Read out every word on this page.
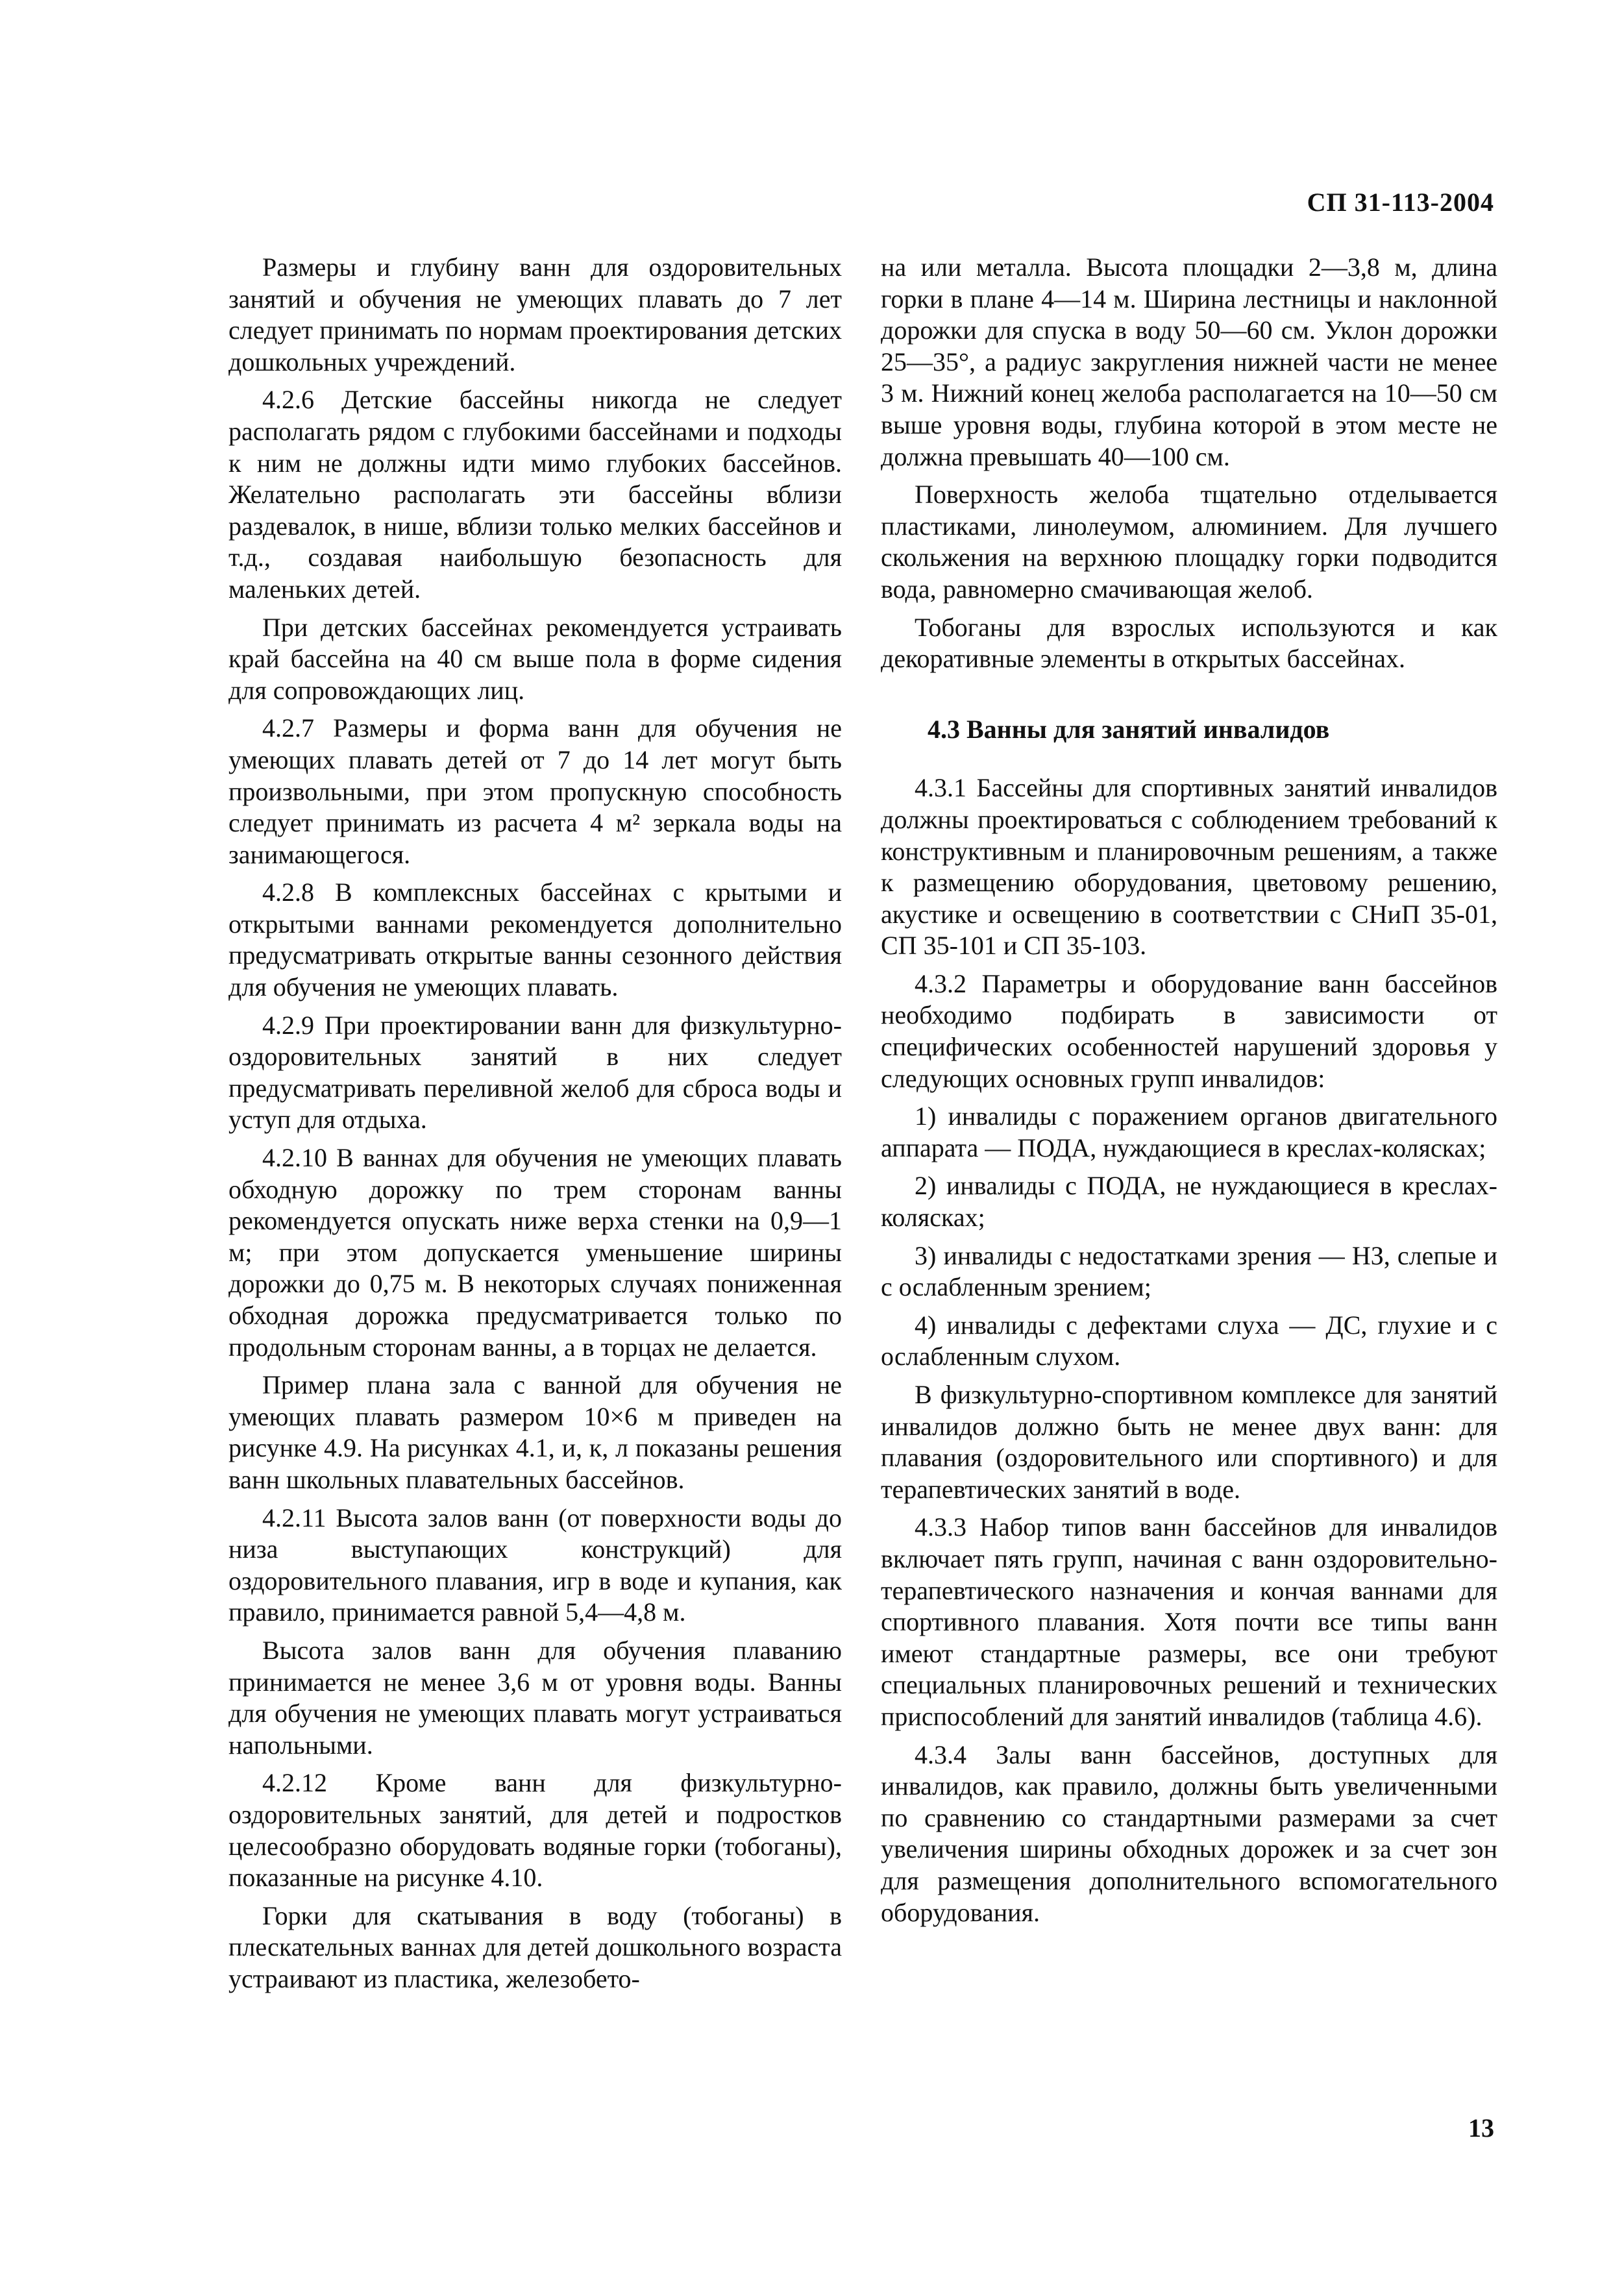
СП 31-113-2004

Размеры и глубину ванн для оздоровительных занятий и обучения не умеющих плавать до 7 лет следует принимать по нормам проектирования детских дошкольных учреждений.

4.2.6 Детские бассейны никогда не следует располагать рядом с глубокими бассейнами и подходы к ним не должны идти мимо глубоких бассейнов. Желательно располагать эти бассейны вблизи раздевалок, в нише, вблизи только мелких бассейнов и т.д., создавая наибольшую безопасность для маленьких детей.

При детских бассейнах рекомендуется устраивать край бассейна на 40 см выше пола в форме сидения для сопровождающих лиц.

4.2.7 Размеры и форма ванн для обучения не умеющих плавать детей от 7 до 14 лет могут быть произвольными, при этом пропускную способность следует принимать из расчета 4 м² зеркала воды на занимающегося.

4.2.8 В комплексных бассейнах с крытыми и открытыми ваннами рекомендуется дополнительно предусматривать открытые ванны сезонного действия для обучения не умеющих плавать.

4.2.9 При проектировании ванн для физкультурно-оздоровительных занятий в них следует предусматривать переливной желоб для сброса воды и уступ для отдыха.

4.2.10 В ваннах для обучения не умеющих плавать обходную дорожку по трем сторонам ванны рекомендуется опускать ниже верха стенки на 0,9—1 м; при этом допускается уменьшение ширины дорожки до 0,75 м. В некоторых случаях пониженная обходная дорожка предусматривается только по продольным сторонам ванны, а в торцах не делается.

Пример плана зала с ванной для обучения не умеющих плавать размером 10×6 м приведен на рисунке 4.9. На рисунках 4.1, и, к, л показаны решения ванн школьных плавательных бассейнов.

4.2.11 Высота залов ванн (от поверхности воды до низа выступающих конструкций) для оздоровительного плавания, игр в воде и купания, как правило, принимается равной 5,4—4,8 м.

Высота залов ванн для обучения плаванию принимается не менее 3,6 м от уровня воды. Ванны для обучения не умеющих плавать могут устраиваться напольными.

4.2.12 Кроме ванн для физкультурно-оздоровительных занятий, для детей и подростков целесообразно оборудовать водяные горки (тобоганы), показанные на рисунке 4.10.

Горки для скатывания в воду (тобоганы) в плескательных ваннах для детей дошкольного возраста устраивают из пластика, железобето-

на или металла. Высота площадки 2—3,8 м, длина горки в плане 4—14 м. Ширина лестницы и наклонной дорожки для спуска в воду 50—60 см. Уклон дорожки 25—35°, а радиус закругления нижней части не менее 3 м. Нижний конец желоба располагается на 10—50 см выше уровня воды, глубина которой в этом месте не должна превышать 40—100 см.

Поверхность желоба тщательно отделывается пластиками, линолеумом, алюминием. Для лучшего скольжения на верхнюю площадку горки подводится вода, равномерно смачивающая желоб.

Тобоганы для взрослых используются и как декоративные элементы в открытых бассейнах.

4.3 Ванны для занятий инвалидов

4.3.1 Бассейны для спортивных занятий инвалидов должны проектироваться с соблюдением требований к конструктивным и планировочным решениям, а также к размещению оборудования, цветовому решению, акустике и освещению в соответствии с СНиП 35-01, СП 35-101 и СП 35-103.

4.3.2 Параметры и оборудование ванн бассейнов необходимо подбирать в зависимости от специфических особенностей нарушений здоровья у следующих основных групп инвалидов:

1) инвалиды с поражением органов двигательного аппарата — ПОДА, нуждающиеся в креслах-колясках;

2) инвалиды с ПОДА, не нуждающиеся в креслах-колясках;

3) инвалиды с недостатками зрения — НЗ, слепые и с ослабленным зрением;

4) инвалиды с дефектами слуха — ДС, глухие и с ослабленным слухом.

В физкультурно-спортивном комплексе для занятий инвалидов должно быть не менее двух ванн: для плавания (оздоровительного или спортивного) и для терапевтических занятий в воде.

4.3.3 Набор типов ванн бассейнов для инвалидов включает пять групп, начиная с ванн оздоровительно-терапевтического назначения и кончая ваннами для спортивного плавания. Хотя почти все типы ванн имеют стандартные размеры, все они требуют специальных планировочных решений и технических приспособлений для занятий инвалидов (таблица 4.6).

4.3.4 Залы ванн бассейнов, доступных для инвалидов, как правило, должны быть увеличенными по сравнению со стандартными размерами за счет увеличения ширины обходных дорожек и за счет зон для размещения дополнительного вспомогательного оборудования.

13
